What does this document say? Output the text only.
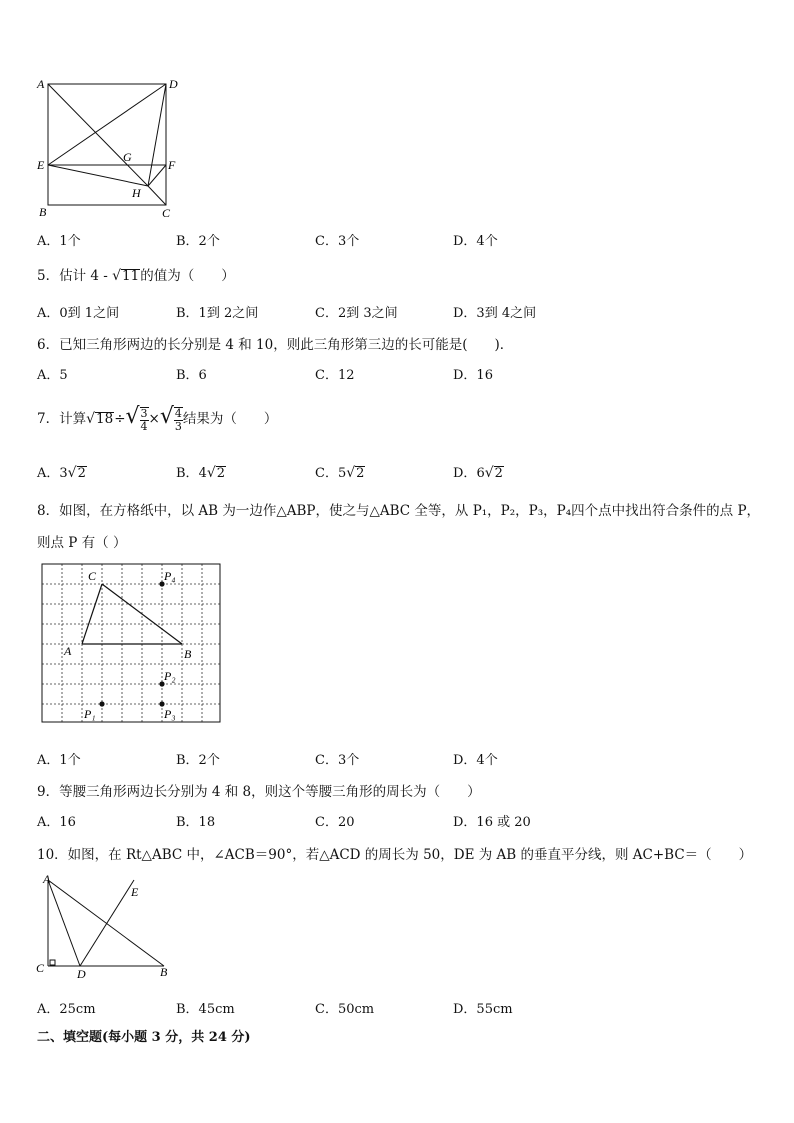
A	D
E	F
G
H
B	C
A．1个	B．2个	C．3个	D．4个
5．估计 4 - √11的值为（　　）
A．0到 1之间	B．1到 2之间	C．2到 3之间	D．3到 4之间
6．已知三角形两边的长分别是 4 和 10，则此三角形第三边的长可能是(　　)．
A．5	B．6	C．12	D．16
7．计算$√18\div√ \frac{3}{4}$ ×√ $\frac{4}{3}$ 结果为（　　）
A．3√2	B．4√2	C．5√2	D．6√2
8．如图，在方格纸中，以 AB 为一边作△ABP，使之与△ABC 全等，从 P₁，P₂，P₃，P₄四个点中找出符合条件的点 P，
则点 P 有（ ）
C
A	B
P₄
P₂
P₁	P₃
A．1个	B．2个	C．3个	D．4个
9．等腰三角形两边长分别为 4 和 8，则这个等腰三角形的周长为（　　）
A．16	B．18	C．20	D．16 或 20
10．如图，在 Rt△ABC 中，∠ACB＝90°，若△ACD 的周长为 50，DE 为 AB 的垂直平分线，则 AC+BC＝（　　）
A
E
C	D	B
A．25cm	B．45cm	C．50cm	D．55cm
二、填空题(每小题 3 分，共 24 分)
